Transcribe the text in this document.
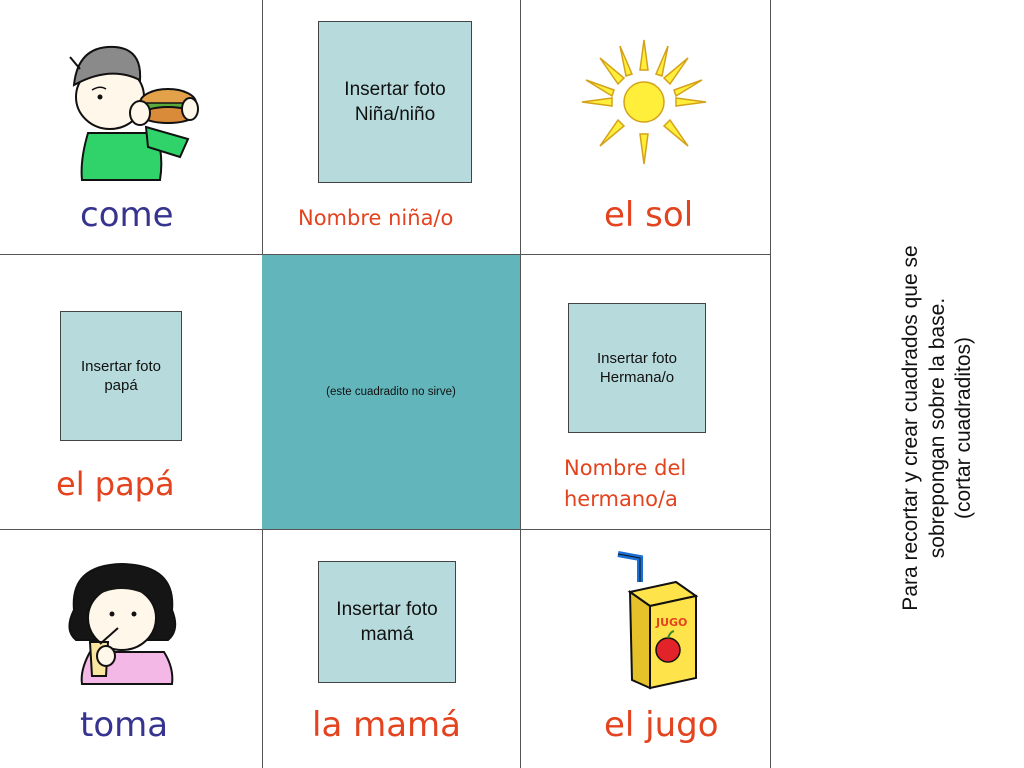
come
Insertar foto
Niña/niño
Nombre niña/o	el sol
Insertar foto
papá
el papá
(este cuadradito no sirve)
Insertar foto
Hermana/o
Nombre del
hermano/a
toma
Insertar foto
mamá
la mamá
JUGO
el jugo
Para recortar y crear cuadrados que se sobrepongan sobre la base. (cortar cuadraditos)
